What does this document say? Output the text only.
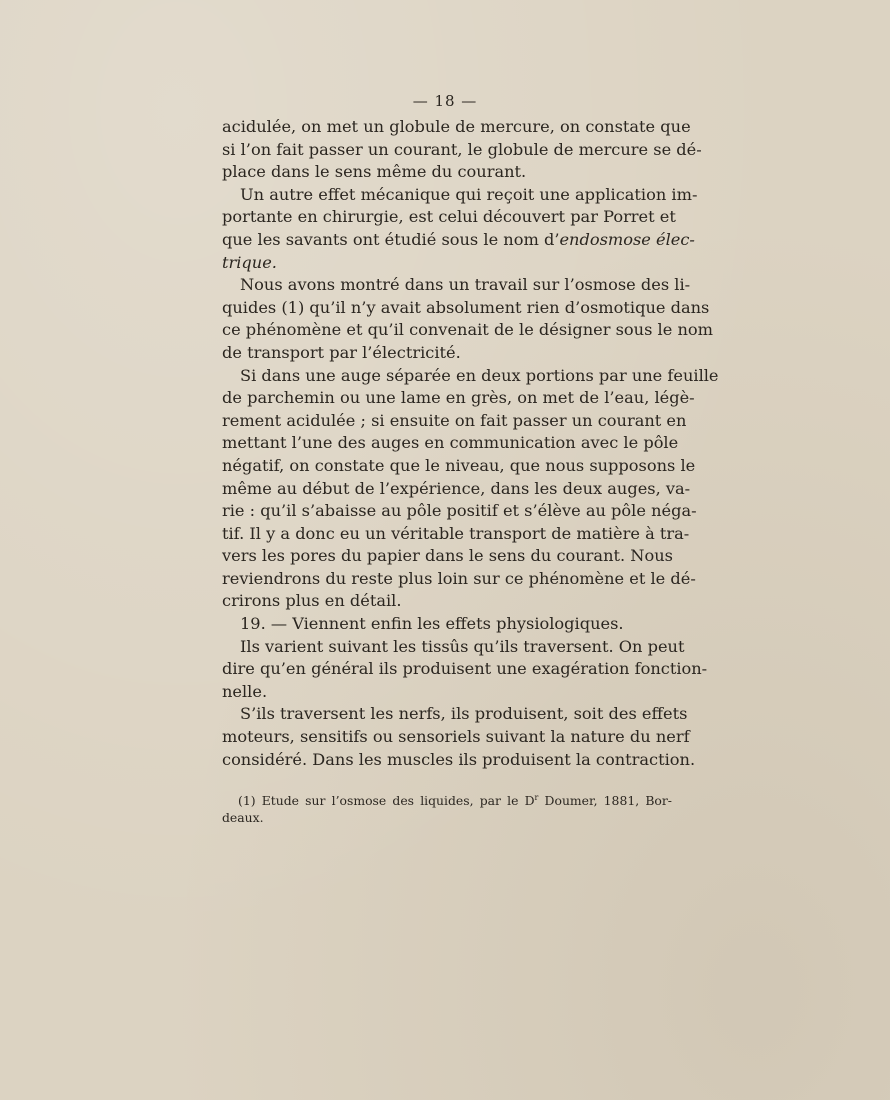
— 18 —
acidulée, on met un globule de mercure, on constate que
si l’on fait passer un courant, le globule de mercure se dé-
place dans le sens même du courant.
Un autre effet mécanique qui reçoit une application im-
portante en chirurgie, est celui découvert par Porret et
que les savants ont étudié sous le nom d’endosmose élec-
trique.
Nous avons montré dans un travail sur l’osmose des li-
quides (1) qu’il n’y avait absolument rien d’osmotique dans
ce phénomène et qu’il convenait de le désigner sous le nom
de transport par l’électricité.
Si dans une auge séparée en deux portions par une feuille
de parchemin ou une lame en grès, on met de l’eau, légè-
rement acidulée ; si ensuite on fait passer un courant en
mettant l’une des auges en communication avec le pôle
négatif, on constate que le niveau, que nous supposons le
même au début de l’expérience, dans les deux auges, va-
rie : qu’il s’abaisse au pôle positif et s’élève au pôle néga-
tif. Il y a donc eu un véritable transport de matière à tra-
vers les pores du papier dans le sens du courant. Nous
reviendrons du reste plus loin sur ce phénomène et le dé-
crirons plus en détail.
19. — Viennent enfin les effets physiologiques.
Ils varient suivant les tissûs qu’ils traversent. On peut
dire qu’en général ils produisent une exagération fonction-
nelle.
S’ils traversent les nerfs, ils produisent, soit des effets
moteurs, sensitifs ou sensoriels suivant la nature du nerf
considéré. Dans les muscles ils produisent la contraction.
(1) Etude sur l’osmose des liquides, par le $D^r$ Doumer, 1881, Bor-
deaux.
